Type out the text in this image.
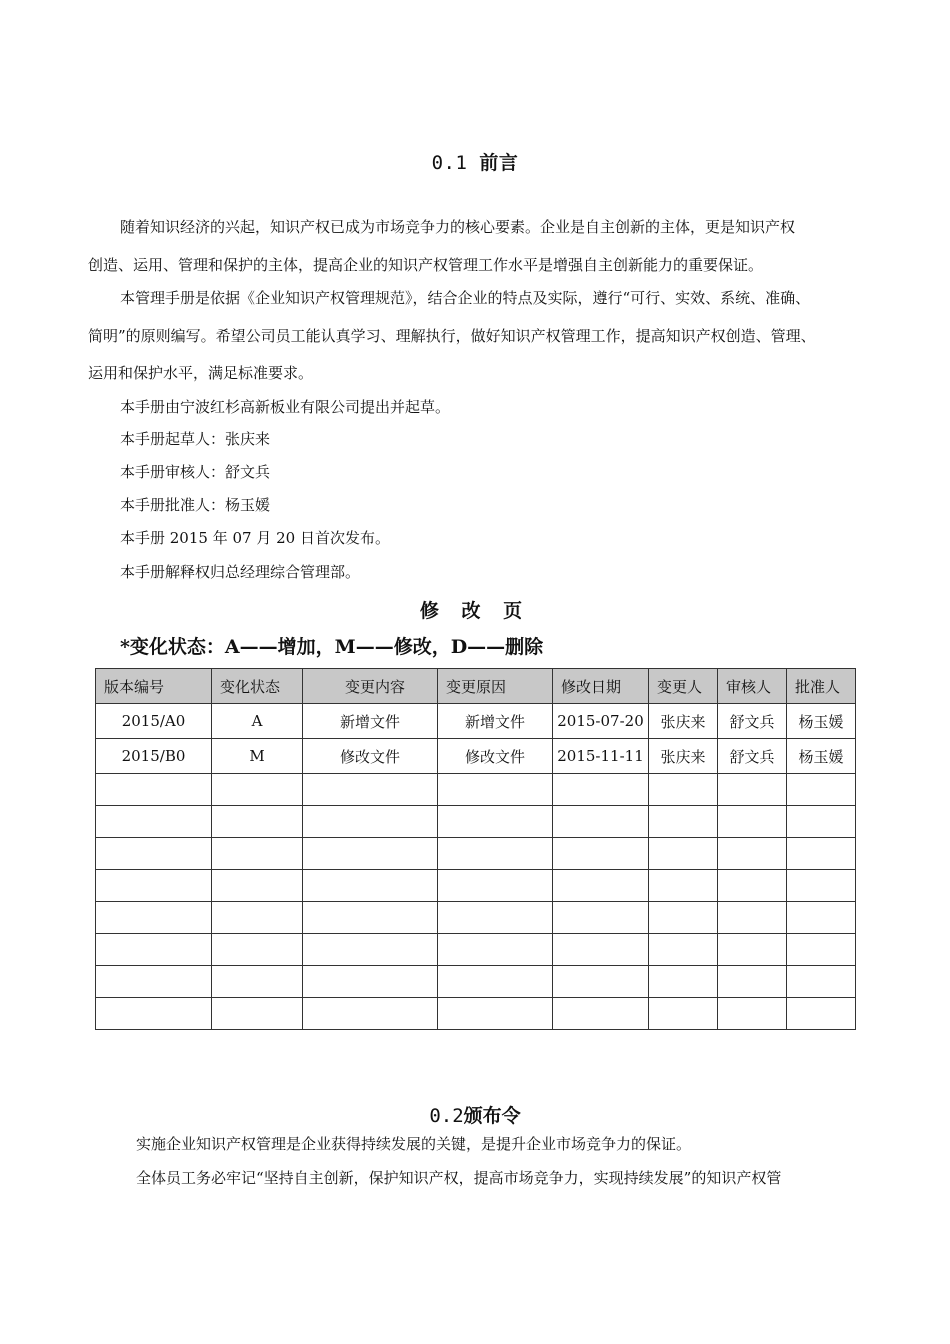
0.1 前言
随着知识经济的兴起，知识产权已成为市场竞争力的核心要素。企业是自主创新的主体，更是知识产权
创造、运用、管理和保护的主体，提高企业的知识产权管理工作水平是增强自主创新能力的重要保证。
本管理手册是依据《企业知识产权管理规范》，结合企业的特点及实际，遵行“可行、实效、系统、准确、
简明”的原则编写。希望公司员工能认真学习、理解执行，做好知识产权管理工作，提高知识产权创造、管理、
运用和保护水平，满足标准要求。
本手册由宁波红杉高新板业有限公司提出并起草。
本手册起草人：张庆来
本手册审核人：舒文兵
本手册批准人：杨玉媛
本手册 2015 年 07 月 20 日首次发布。
本手册解释权归总经理综合管理部。
修 改 页
*变化状态：A——增加，M——修改，D——删除
版本编号	变化状态	变更内容	变更原因	修改日期	变更人	审核人	批准人
2015/A0	A	新增文件	新增文件	2015-07-20	张庆来	舒文兵	杨玉媛
2015/B0	M	修改文件	修改文件	2015-11-11	张庆来	舒文兵	杨玉媛

0.2颁布令
实施企业知识产权管理是企业获得持续发展的关键，是提升企业市场竞争力的保证。
全体员工务必牢记“坚持自主创新，保护知识产权，提高市场竞争力，实现持续发展”的知识产权管
